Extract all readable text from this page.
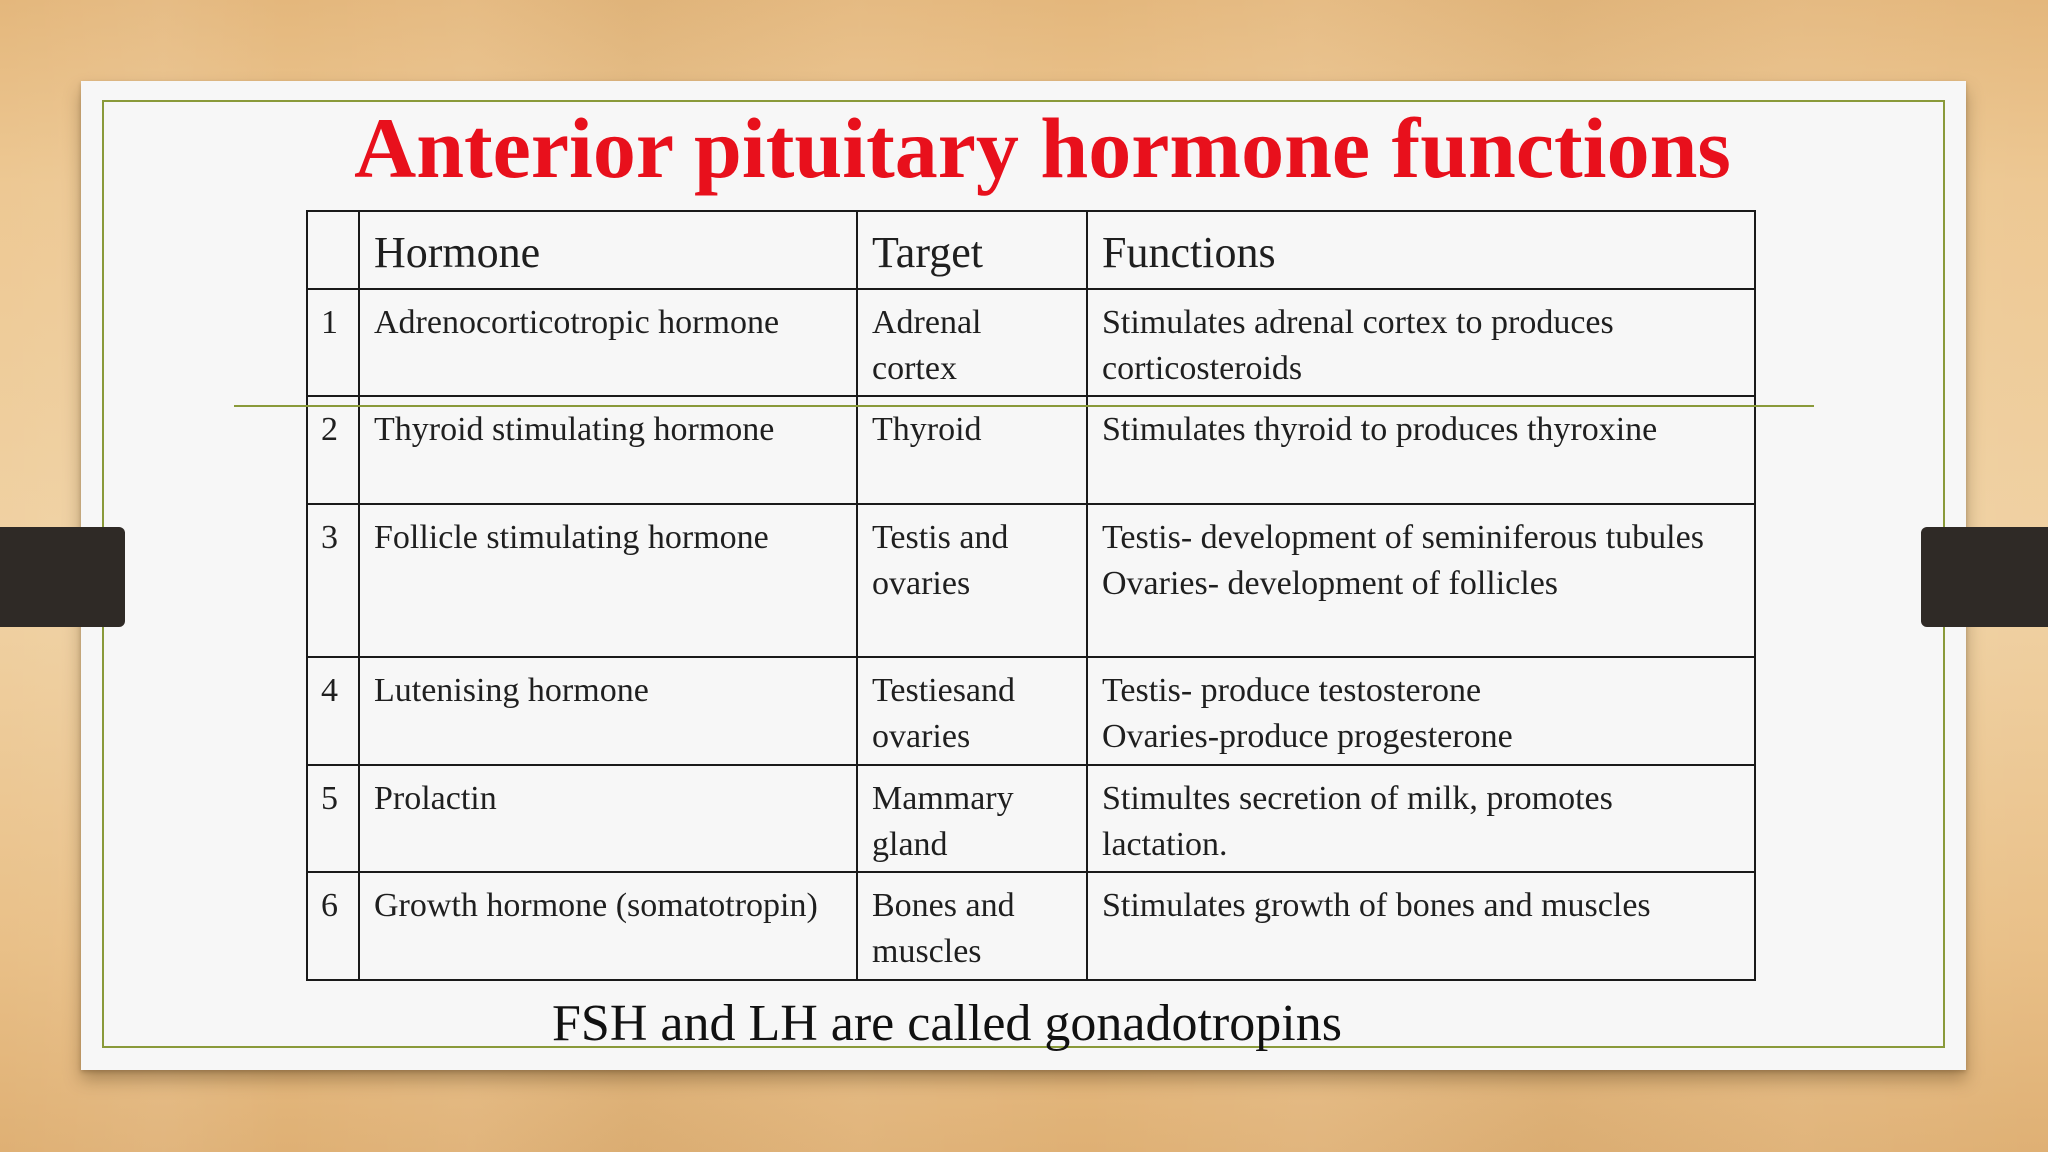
Anterior pituitary hormone functions
	Hormone	Target	Functions
1	Adrenocorticotropic hormone	Adrenal cortex	Stimulates adrenal cortex to produces corticosteroids
2	Thyroid stimulating hormone	Thyroid	Stimulates thyroid to produces thyroxine
3	Follicle stimulating hormone	Testis and ovaries	Testis- development of seminiferous tubules
Ovaries- development of follicles
4	Lutenising hormone	Testiesand ovaries	Testis- produce testosterone
Ovaries-produce progesterone
5	Prolactin	Mammary gland	Stimultes secretion of milk, promotes lactation.
6	Growth hormone (somatotropin)	Bones and muscles	Stimulates growth of bones and muscles

FSH and LH are called gonadotropins
